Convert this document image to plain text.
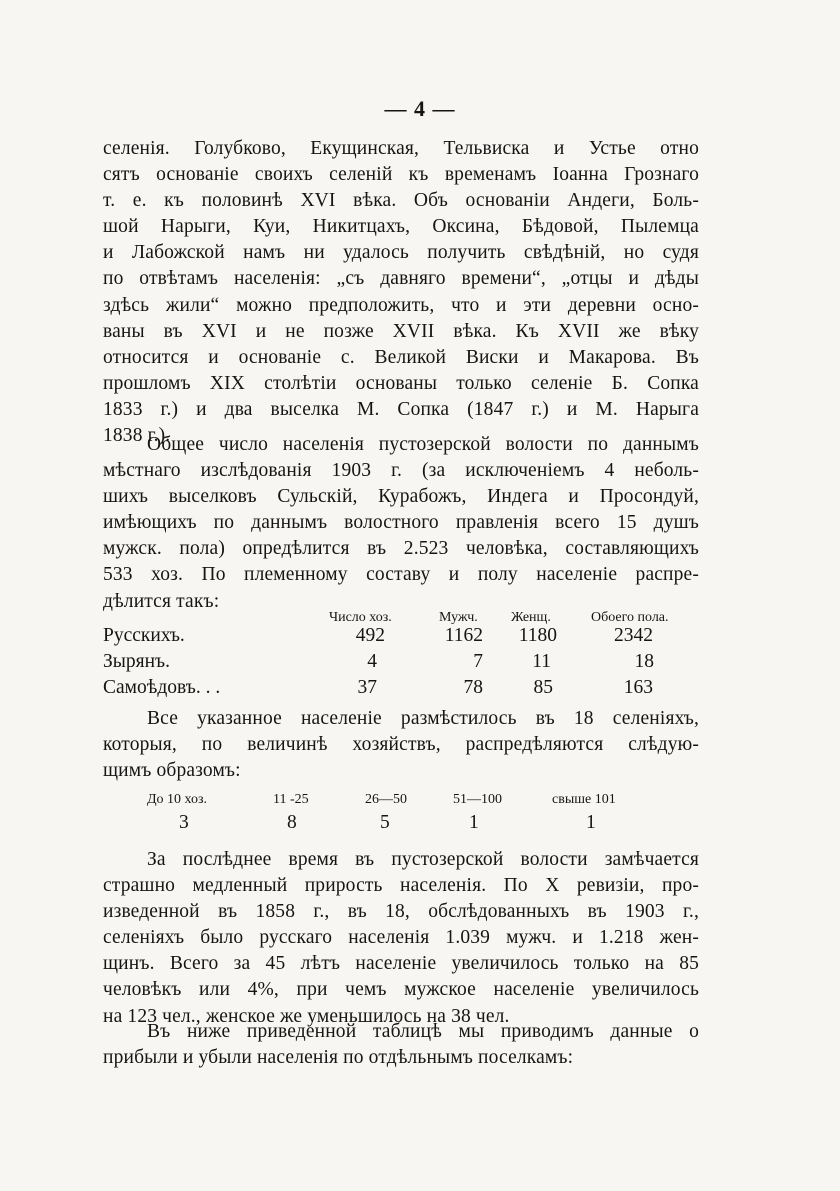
— 4 —
селенія. Голубково, Екущинская, Тельвиска и Устье отно
сятъ основаніе своихъ селеній къ временамъ Іоанна Грознаго
т. е. къ половинѣ XVI вѣка. Объ основаніи Андеги, Боль-
шой Нарыги, Куи, Никитцахъ, Оксина, Бѣдовой, Пылемца
и Лабожской намъ ни удалось получить свѣдѣній, но судя
по отвѣтамъ населенія: „съ давняго времени“, „отцы и дѣды
здѣсь жили“ можно предположить, что и эти деревни осно-
ваны въ XVI и не позже XVII вѣка. Къ XVII же вѣку
относится и основаніе с. Великой Виски и Макарова. Въ
прошломъ XIX столѣтіи основаны только селеніе Б. Сопка
1833 г.) и два выселка М. Сопка (1847 г.) и М. Нарыга
1838 г.).
Общее число населенія пустозерской волости по даннымъ
мѣстнаго изслѣдованія 1903 г. (за исключеніемъ 4 неболь-
шихъ выселковъ Сульскій, Курабожъ, Индега и Просондуй,
имѣющихъ по даннымъ волостного правленія всего 15 душъ
мужск. пола) опредѣлится въ 2.523 человѣка, составляющихъ
533 хоз. По племенному составу и полу населеніе распре-
дѣлится такъ:
Число хоз.	Мужч. Женщ.	Обоего пола.
Русскихъ.	492	1162	1180	2342
Зырянъ.	4	7	11	18
Самоѣдовъ. . .	37	78	85	163
Все указанное населеніе размѣстилось въ 18 селеніяхъ,
которыя, по величинѣ хозяйствъ, распредѣляются слѣдую-
щимъ образомъ:
До 10 хоз.	11 -25	26—50	51—100	свыше 101
3	8	5	1	1
За послѣднее время въ пустозерской волости замѣчается
страшно медленный прирость населенія. По X ревизіи, про-
изведенной въ 1858 г., въ 18, обслѣдованныхъ въ 1903 г.,
селеніяхъ было русскаго населенія 1.039 мужч. и 1.218 жен-
щинъ. Всего за 45 лѣтъ населеніе увеличилось только на 85
человѣкъ или 4%, при чемъ мужское населеніе увеличилось
на 123 чел., женское же уменьшилось на 38 чел.
Въ ниже приведенной таблицѣ мы приводимъ данные о
прибыли и убыли населенія по отдѣльнымъ поселкамъ:
